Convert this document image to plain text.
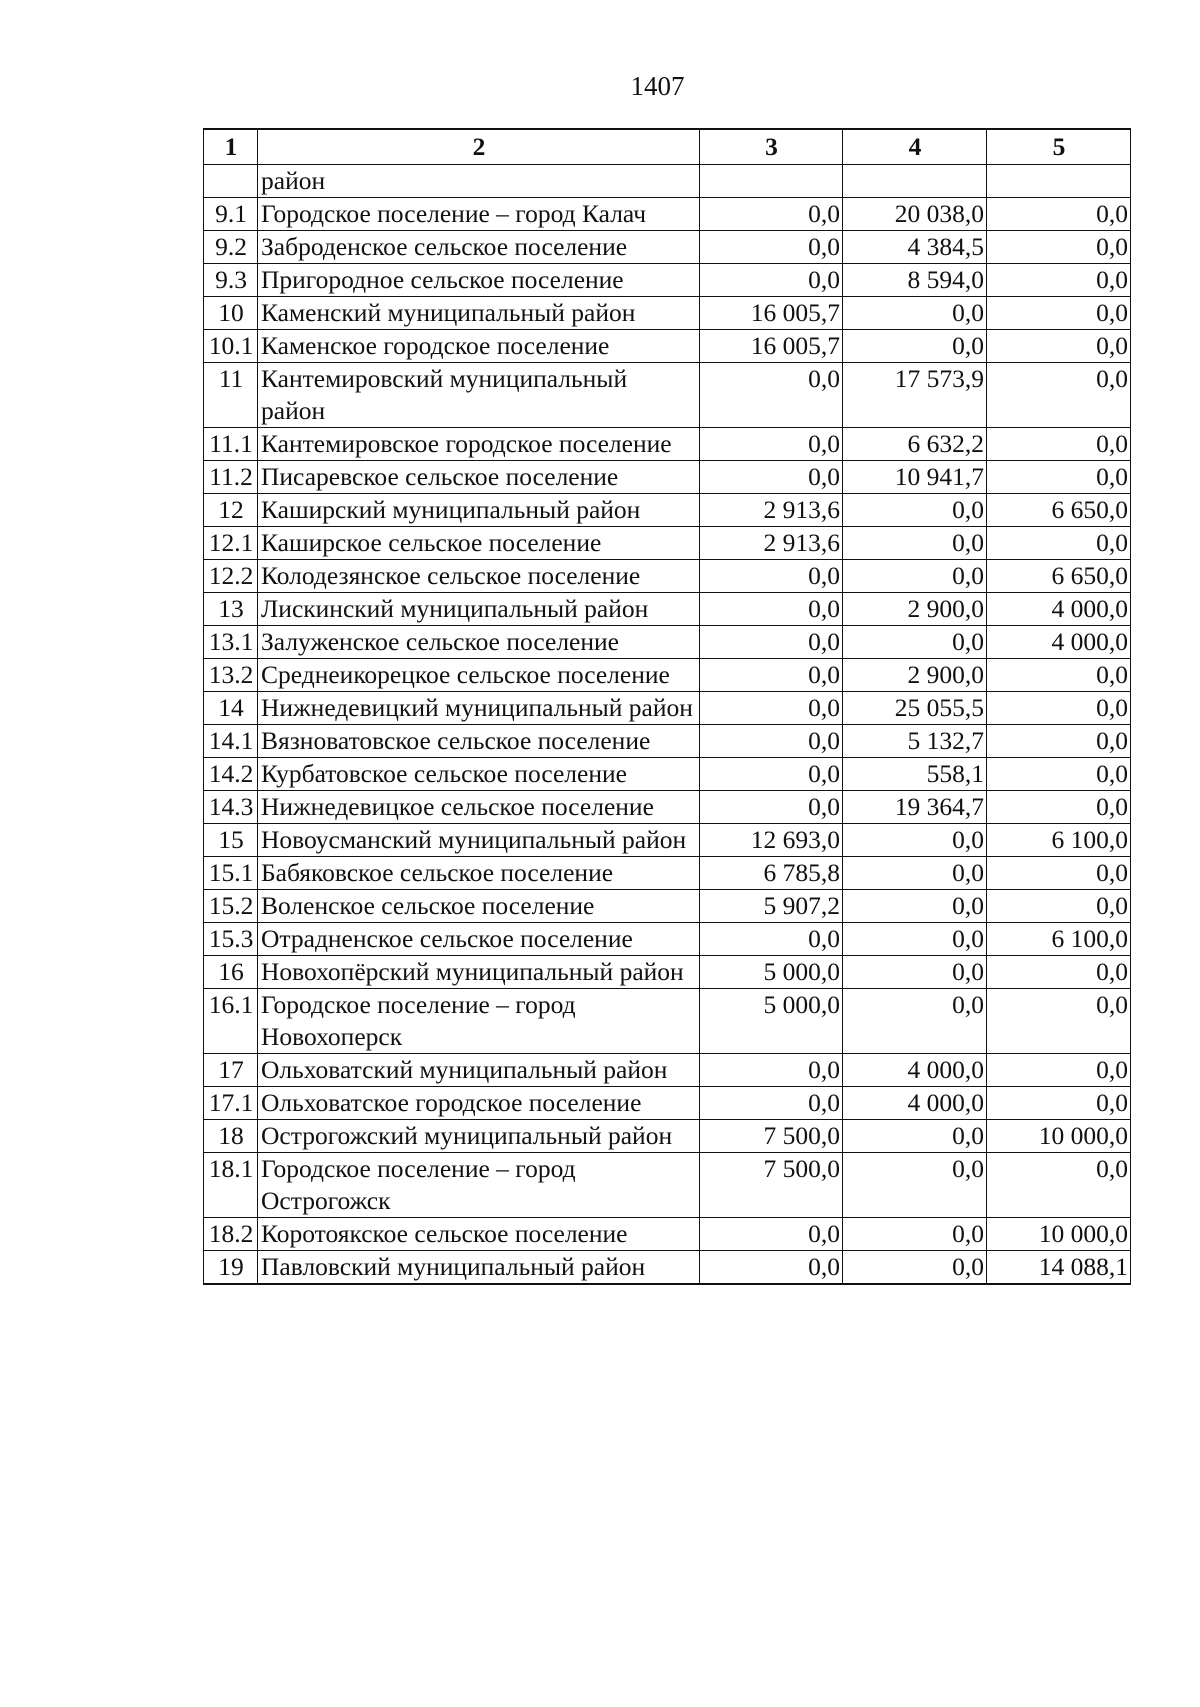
1407
1	2	3	4	5
	район			
9.1	Городское поселение – город Калач	0,0	20 038,0	0,0
9.2	Заброденское сельское поселение	0,0	4 384,5	0,0
9.3	Пригородное сельское поселение	0,0	8 594,0	0,0
10	Каменский муниципальный район	16 005,7	0,0	0,0
10.1	Каменское городское поселение	16 005,7	0,0	0,0
11	Кантемировский муниципальный район	0,0	17 573,9	0,0
11.1	Кантемировское городское поселение	0,0	6 632,2	0,0
11.2	Писаревское сельское поселение	0,0	10 941,7	0,0
12	Каширский муниципальный район	2 913,6	0,0	6 650,0
12.1	Каширское сельское поселение	2 913,6	0,0	0,0
12.2	Колодезянское сельское поселение	0,0	0,0	6 650,0
13	Лискинский муниципальный район	0,0	2 900,0	4 000,0
13.1	Залуженское сельское поселение	0,0	0,0	4 000,0
13.2	Среднеикорецкое сельское поселение	0,0	2 900,0	0,0
14	Нижнедевицкий муниципальный район	0,0	25 055,5	0,0
14.1	Вязноватовское сельское поселение	0,0	5 132,7	0,0
14.2	Курбатовское сельское поселение	0,0	558,1	0,0
14.3	Нижнедевицкое сельское поселение	0,0	19 364,7	0,0
15	Новоусманский муниципальный район	12 693,0	0,0	6 100,0
15.1	Бабяковское сельское поселение	6 785,8	0,0	0,0
15.2	Воленское сельское поселение	5 907,2	0,0	0,0
15.3	Отрадненское сельское поселение	0,0	0,0	6 100,0
16	Новохопёрский муниципальный район	5 000,0	0,0	0,0
16.1	Городское поселение – город Новохоперск	5 000,0	0,0	0,0
17	Ольховатский муниципальный район	0,0	4 000,0	0,0
17.1	Ольховатское городское поселение	0,0	4 000,0	0,0
18	Острогожский муниципальный район	7 500,0	0,0	10 000,0
18.1	Городское поселение – город Острогожск	7 500,0	0,0	0,0
18.2	Коротоякское сельское поселение	0,0	0,0	10 000,0
19	Павловский муниципальный район	0,0	0,0	14 088,1
